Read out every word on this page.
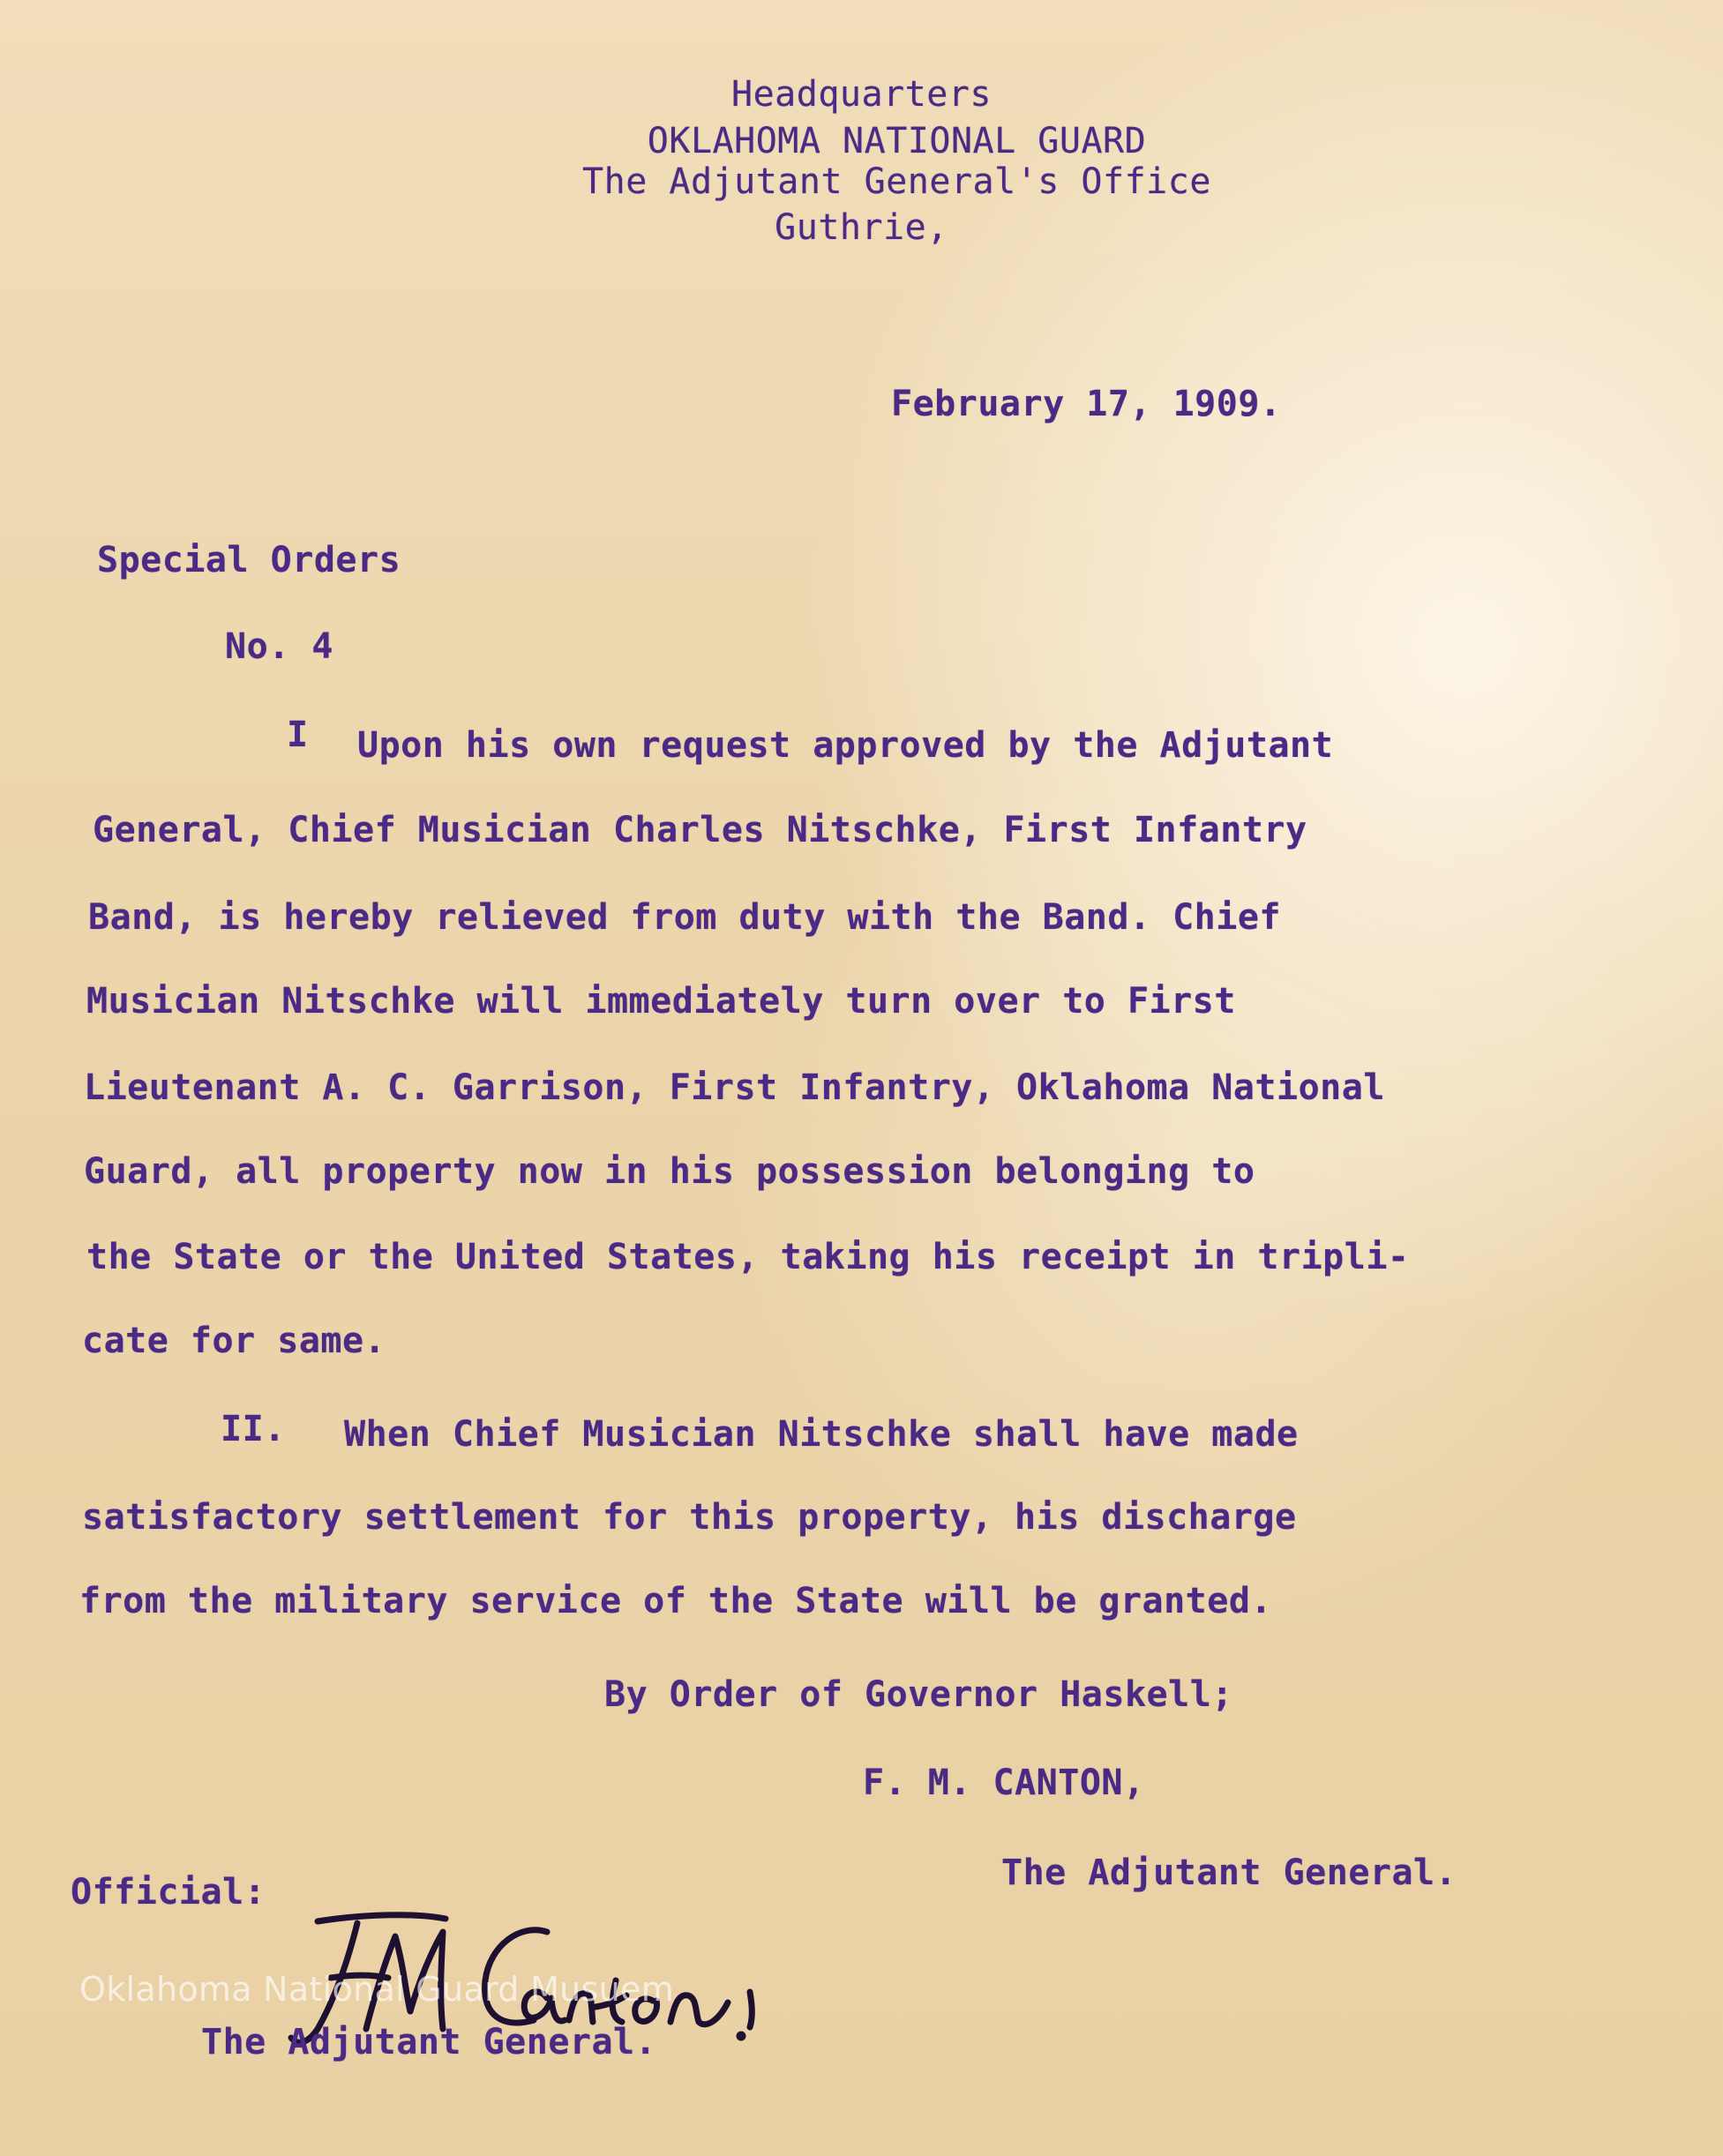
Headquarters
OKLAHOMA NATIONAL GUARD
The Adjutant General's Office
Guthrie,
February 17, 1909.
Special Orders
No. 4
I Upon his own request approved by the Adjutant
General, Chief Musician Charles Nitschke, First Infantry
Band, is hereby relieved from duty with the Band. Chief
Musician Nitschke will immediately turn over to First
Lieutenant A. C. Garrison, First Infantry, Oklahoma National
Guard, all property now in his possession belonging to
the State or the United States, taking his receipt in tripli-
cate for same.
II. When Chief Musician Nitschke shall have made
satisfactory settlement for this property, his discharge
from the military service of the State will be granted.
By Order of Governor Haskell;
F. M. CANTON,
The Adjutant General.
Official:
The Adjutant General.
Oklahoma National Guard Musuem
